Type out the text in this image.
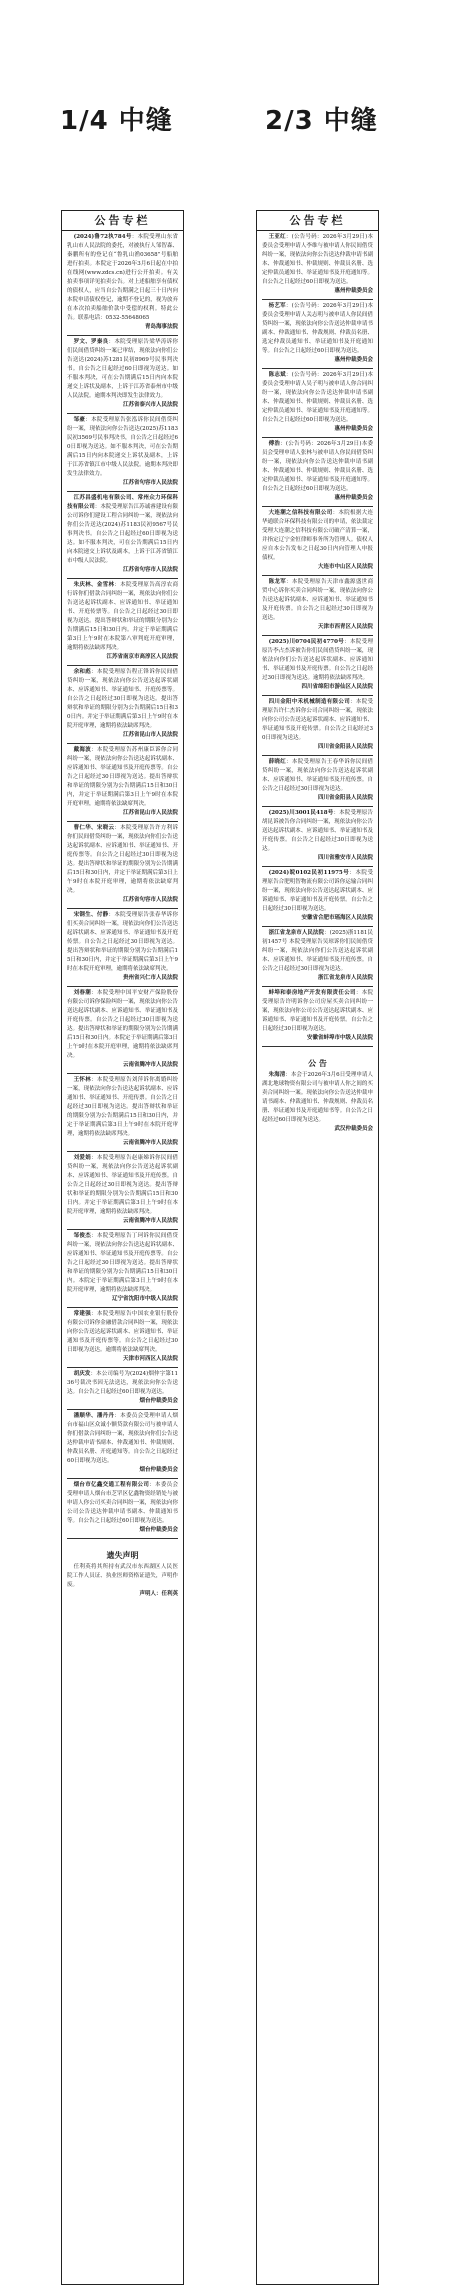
1/4 中缝	2/3 中缝
公告专栏

(2024)鲁72执784号：本院受理山东省乳山市人民法院的委托，对被执行人邹智森、秦鹏所有的登记在“鲁乳山渔03658”号船舶进行拍卖。本院定于2026年3月6日起在中拍在线网(www.zdcs.cn)进行公开拍卖。有关拍卖事项详见拍卖公告。对上述船舶享有债权的债权人，应当自公告期满之日起三十日内向本院申请债权登记，逾期不登记的，视为放弃在本次拍卖船舶价款中受偿的权利。特此公告。联系电话：0532-55648065

青岛海事法院

罗文、罗秦良：本院受理原告梁华涛诉你们民间借贷纠纷一案已审结，现依法向你们公告送达(2024)苏1281民初8969号民事判决书。自公告之日起经过60日即视为送达。如不服本判决，可在公告期满后15日内向本院递交上诉状及副本，上诉于江苏省泰州市中级人民法院。逾期本判决即发生法律效力。

江苏省泰兴市人民法院

邹豪：本院受理原告张泓诉你民间借贷纠纷一案，现依法向你公告送达(2025)苏1183民初3569号民事判决书，自公告之日起经过60日即视为送达。如不服本判决，可在公告期满后15日内向本院递交上诉状及副本，上诉于江苏省镇江市中级人民法院。逾期本判决即发生法律效力。

江苏省句容市人民法院

江苏昌盛机电有限公司、常州众力环保科技有限公司：本院受理原告江苏诚睿建设有限公司诉你们建设工程合同纠纷一案，现依法向你们公告送达(2024)苏1183民初9567号民事判决书。自公告之日起经过60日即视为送达。如不服本判决，可在公告期满后15日内向本院递交上诉状及副本，上诉于江苏省镇江市中级人民法院。

江苏省句容市人民法院

朱庆林、金雪林：本院受理原告高淳农商行诉你们借款合同纠纷一案，现依法向你们公告送达起诉状副本、应诉通知书、举证通知书、开庭传票等。自公告之日起经过30日即视为送达。提出答辩状和举证的期限分别为公告期满后15日和30日内。并定于举证期满后第3日上午9时在本院第八审判庭开庭审理，逾期将依法缺席判决。

江苏省南京市高淳区人民法院

余和彪：本院受理原告程正锋诉你民间借贷纠纷一案，现依法向你公告送达起诉状副本、应诉通知书、举证通知书、开庭传票等。自公告之日起经过30日即视为送达。提出答辩状和举证的期限分别为公告期满后15日和30日内。并定于举证期满后第3日上午9时在本院开庭审理，逾期将依法缺席判决。

江苏省昆山市人民法院

戴海波：本院受理原告苏州康臣诉你合同纠纷一案，现依法向你公告送达起诉状副本、应诉通知书、举证通知书及开庭传票等。自公告之日起经过30日即视为送达。提出答辩状和举证的期限分别为公告期满后15日和30日内，并定于举证期满后第3日上午9时在本院开庭审理，逾期将依法缺席判决。

江苏省昆山市人民法院

曹仁华、宋晓云：本院受理原告许方利诉你们民间借贷纠纷一案，现依法向你们公告送达起诉状副本、应诉通知书、举证通知书、开庭传票等。自公告之日起经过30日即视为送达。提出答辩状和举证的期限分别为公告期满后15日和30日内，并定于举证期满后第3日上午9时在本院开庭审理，逾期将依法缺席判决。

江苏省句容市人民法院

宋钢生、付静：本院受理原告张春华诉你们买卖合同纠纷一案，现依法向你们公告送达起诉状副本、应诉通知书、举证通知书及开庭传票。自公告之日起经过30日即视为送达。提出答辩状和举证的期限分别为公告期满后15日和30日内，并定于举证期满后第3日上午9时在本院开庭审理，逾期将依法缺席判决。

贵州省兴仁市人民法院

刘春潮：本院受理中国平安财产保险股份有限公司诉你保险纠纷一案，现依法向你公告送达起诉状副本、应诉通知书、举证通知书及开庭传票。自公告之日起经过30日即视为送达。提出答辩状和举证的期限分别为公告期满后15日和30日内。本院定于举证期满后第3日上午9时在本院开庭审理，逾期将依法缺席判决。

云南省腾冲市人民法院

王怀林：本院受理原告刘萍诉你离婚纠纷一案，现依法向你公告送达起诉状副本、应诉通知书、举证通知书、开庭传票。自公告之日起经过30日即视为送达。提出答辩状和举证的期限分别为公告期满后15日和30日内，并定于举证期满后第3日上午9时在本院开庭审理，逾期将依法缺席判决。

云南省腾冲市人民法院

刘爱娟：本院受理原告赵康娣诉你民间借贷纠纷一案，现依法向你公告送达起诉状副本、应诉通知书、举证通知书及开庭传票。自公告之日起经过30日即视为送达。提出答辩状和举证的期限分别为公告期满后15日和30日内。并定于举证期满后第3日上午9时在本院开庭审理，逾期将依法缺席判决。

云南省腾冲市人民法院

邹俊杰：本院受理原告丁珂诉你民间借贷纠纷一案，现依法向你公告送达起诉状副本、应诉通知书、举证通知书及开庭传票等。自公告之日起经过30日即视为送达。提出答辩状和举证的期限分别为公告期满后15日和30日内。本院定于举证期满后第3日上午9时在本院开庭审理，逾期将依法缺席判决。

辽宁省沈阳市中级人民法院

常建强：本院受理原告中国农业银行股份有限公司诉你金融借款合同纠纷一案，现依法向你公告送达起诉状副本、应诉通知书、举证通知书及开庭传票等。自公告之日起经过30日即视为送达。逾期将依法缺席判决。

天津市河西区人民法院

胡庆发：本公司编号为(2024)烟仲字第1136号裁决书因无法送达，现依法向你公告送达。自公告之日起经过60日即视为送达。

烟台仲裁委员会

潘顺华、潘丹丹：本委员会受理申请人烟台市福山区众诚小额贷款有限公司与被申请人你们借款合同纠纷一案，现依法向你们公告送达仲裁申请书副本、仲裁通知书、仲裁规则、仲裁员名册、开庭通知等。自公告之日起经过60日即视为送达。

烟台仲裁委员会

烟台市亿鑫交通工程有限公司：本委员会受理申请人烟台市芝罘区亿鑫物资经销处与被申请人你公司买卖合同纠纷一案，现依法向你公司公告送达仲裁申请书副本、仲裁通知书等。自公告之日起经过60日即视为送达。

烟台仲裁委员会

遗失声明

任利英将其所持有武汉市东西湖区人民医院工作人员证、执业医师资格证遗失，声明作废。

声明人：任利英

公告专栏

王亚红：(公告号码：2026年3月29日)本委员会受理申请人李维与被申请人你民间借贷纠纷一案，现依法向你公告送达仲裁申请书副本、仲裁通知书、仲裁规则、仲裁员名册、选定仲裁员通知书、举证通知书及开庭通知等。自公告之日起经过60日即视为送达。

惠州仲裁委员会

杨艺军：(公告号码：2026年3月29日)本委员会受理申请人关志明与被申请人你民间借贷纠纷一案，现依法向你公告送达仲裁申请书副本、仲裁通知书、仲裁规则、仲裁员名册、选定仲裁员通知书、举证通知书及开庭通知等。自公告之日起经过60日即视为送达。

惠州仲裁委员会

陈志斌：(公告号码：2026年3月29日)本委员会受理申请人吴子明与被申请人你合同纠纷一案，现依法向你公告送达仲裁申请书副本、仲裁通知书、仲裁规则、仲裁员名册、选定仲裁员通知书、举证通知书及开庭通知等。自公告之日起经过60日即视为送达。

惠州仲裁委员会

傅浩：(公告号码：2026年3月29日)本委员会受理申请人张林与被申请人你民间借贷纠纷一案，现依法向你公告送达仲裁申请书副本、仲裁通知书、仲裁规则、仲裁员名册、选定仲裁员通知书、举证通知书及开庭通知等。自公告之日起经过60日即视为送达。

惠州仲裁委员会

大连潮之信科技有限公司：本院根据大连华通联合环保科技有限公司的申请，依法裁定受理大连潮之信科技有限公司破产清算一案，并指定辽宁金恒律师事务所为管理人。债权人应自本公告发布之日起30日内向管理人申报债权。

大连市中山区人民法院

陈龙军：本院受理原告天津市鑫源盛世商贸中心诉你买卖合同纠纷一案，现依法向你公告送达起诉状副本、应诉通知书、举证通知书及开庭传票。自公告之日起经过30日即视为送达。

天津市西青区人民法院

(2025)川0704民初4770号：本院受理原告李占杰诉被告你们民间借贷纠纷一案，现依法向你们公告送达起诉状副本、应诉通知书、举证通知书及开庭传票。自公告之日起经过30日即视为送达。逾期将依法缺席判决。

四川省绵阳市游仙区人民法院

四川金阳中禾机械制造有限公司：本院受理原告许仁杰诉你公司合同纠纷一案，现依法向你公司公告送达起诉状副本、应诉通知书、举证通知书及开庭传票。自公告之日起经过30日即视为送达。

四川省金阳县人民法院

薛晓红：本院受理原告王春华诉你民间借贷纠纷一案，现依法向你公告送达起诉状副本、应诉通知书、举证通知书及开庭传票。自公告之日起经过30日即视为送达。

四川省金阳县人民法院

(2025)川3001民418号：本院受理原告胡昆诉被告你合同纠纷一案，现依法向你公告送达起诉状副本、应诉通知书、举证通知书及开庭传票。自公告之日起经过30日即视为送达。

四川省雅安市人民法院

(2024)皖0102民初11975号：本院受理原告合肥明智物流有限公司诉你运输合同纠纷一案，现依法向你公告送达起诉状副本、应诉通知书、举证通知书及开庭传票。自公告之日起经过30日即视为送达。

安徽省合肥市瑶海区人民法院

浙江省龙泉市人民法院：(2025)浙1181民初1457号 本院受理原告吴琼诉你们民间借贷纠纷一案，现依法向你们公告送达起诉状副本、应诉通知书、举证通知书及开庭传票。自公告之日起经过30日即视为送达。

浙江省龙泉市人民法院

蚌埠和泰房地产开发有限责任公司：本院受理原告许明诉你公司房屋买卖合同纠纷一案，现依法向你公司公告送达起诉状副本、应诉通知书、举证通知书及开庭传票。自公告之日起经过30日即视为送达。

安徽省蚌埠市中级人民法院

公 告

朱海清：本会于2026年3月6日受理申请人湖北地球物资有限公司与被申请人你之间的买卖合同纠纷一案。现依法向你公告送达仲裁申请书副本、仲裁通知书、仲裁规则、仲裁员名册、举证通知书及开庭通知书等。自公告之日起经过60日即视为送达。

武汉仲裁委员会
